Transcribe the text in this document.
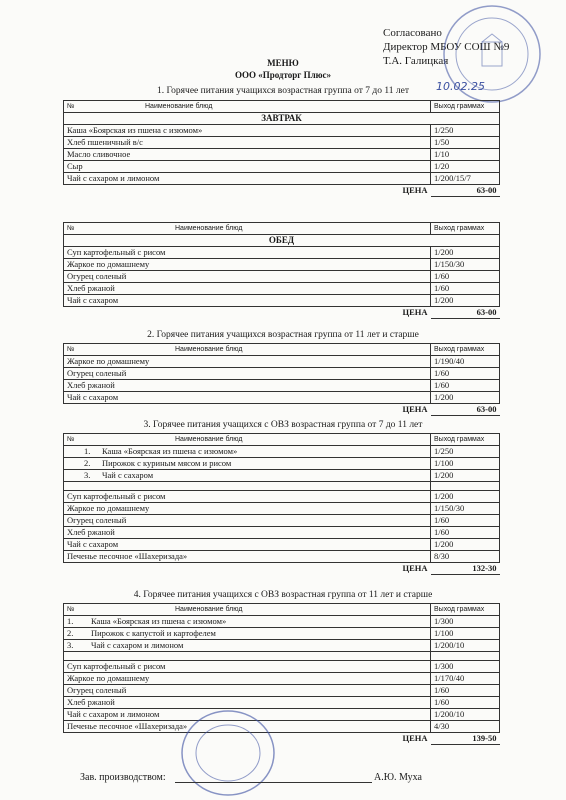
Согласовано
Директор МБОУ СОШ №9
Т.А. Галицкая
10.02.25
МЕНЮ
ООО «Продторг Плюс»
1. Горячее питания учащихся возрастная группа от 7 до 11 лет
№ Наименование блюд	Выход граммах
ЗАВТРАК	
Каша «Боярская из пшена с изюмом»	1/250
Хлеб пшеничный в/с	1/50
Масло сливочное	1/10
Сыр	1/20
Чай с сахаром и лимоном	1/200/15/7
ЦЕНА	63-00
№ Наименование блюд	Выход граммах
ОБЕД	
Суп картофельный с рисом	1/200
Жаркое по домашнему	1/150/30
Огурец соленый	1/60
Хлеб ржаной	1/60
Чай с сахаром	1/200
ЦЕНА	63-00
2. Горячее питания учащихся возрастная группа от 11 лет и старше
№ Наименование блюд	Выход граммах
Жаркое по домашнему	1/190/40
Огурец соленый	1/60
Хлеб ржаной	1/60
Чай с сахаром	1/200
ЦЕНА	63-00
3. Горячее питания учащихся с ОВЗ возрастная группа от 7 до 11 лет
№ Наименование блюд	Выход граммах
1. Каша «Боярская из пшена с изюмом»	1/250
2. Пирожок с куриным мясом и рисом	1/100
3. Чай с сахаром	1/200

Суп картофельный с рисом	1/200
Жаркое по домашнему	1/150/30
Огурец соленый	1/60
Хлеб ржаной	1/60
Чай с сахаром	1/200
Печенье песочное «Шахеризада»	8/30
ЦЕНА	132-30
4. Горячее питания учащихся с ОВЗ возрастная группа от 11 лет и старше
№ Наименование блюд	Выход граммах
1. Каша «Боярская из пшена с изюмом»	1/300
2. Пирожок с капустой и картофелем	1/100
3. Чай с сахаром и лимоном	1/200/10

Суп картофельный с рисом	1/300
Жаркое по домашнему	1/170/40
Огурец соленый	1/60
Хлеб ржаной	1/60
Чай с сахаром и лимоном	1/200/10
Печенье песочное «Шахеризада»	4/30
ЦЕНА	139-50
Зав. производством:	А.Ю. Муха
